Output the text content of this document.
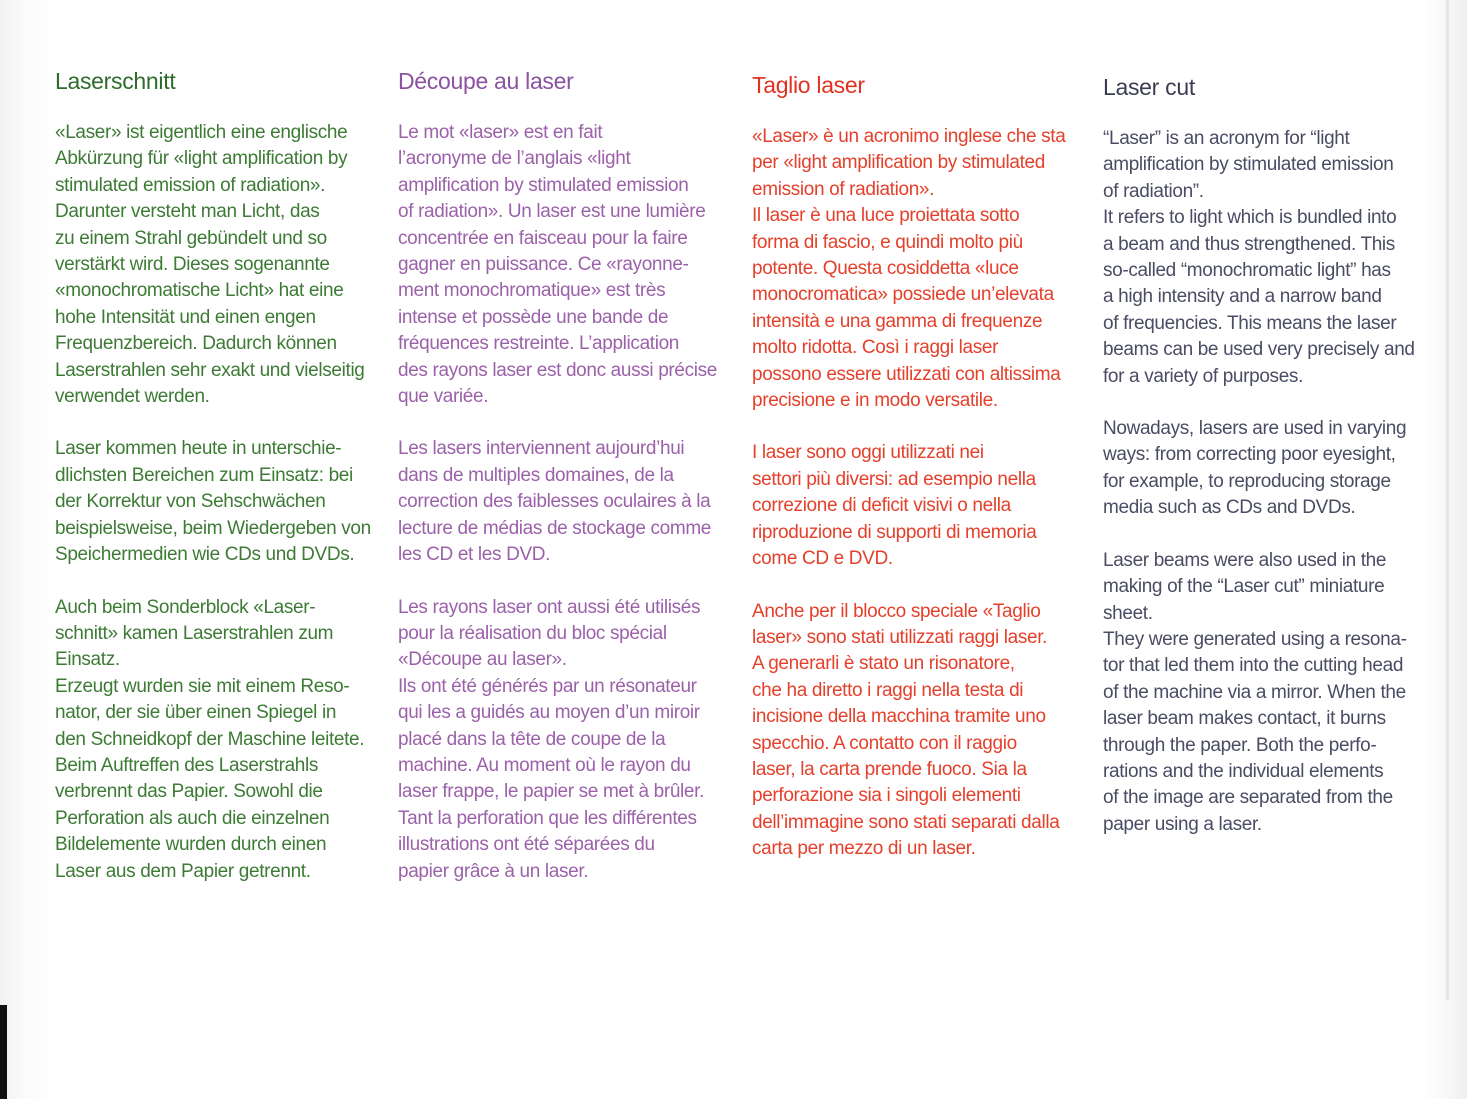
Laserschnitt

«Laser» ist eigentlich eine englische
Abkürzung für «light amplification by
stimulated emission of radiation».
Darunter versteht man Licht, das
zu einem Strahl gebündelt und so
verstärkt wird. Dieses sogenannte
«monochromatische Licht» hat eine
hohe Intensität und einen engen
Frequenzbereich. Dadurch können
Laserstrahlen sehr exakt und vielseitig
verwendet werden.

Laser kommen heute in unterschie-
dlichsten Bereichen zum Einsatz: bei
der Korrektur von Sehschwächen
beispielsweise, beim Wiedergeben von
Speichermedien wie CDs und DVDs.

Auch beim Sonderblock «Laser-
schnitt» kamen Laserstrahlen zum
Einsatz.
Erzeugt wurden sie mit einem Reso-
nator, der sie über einen Spiegel in
den Schneidkopf der Maschine leitete.
Beim Auftreffen des Laserstrahls
verbrennt das Papier. Sowohl die
Perforation als auch die einzelnen
Bildelemente wurden durch einen
Laser aus dem Papier getrennt.

Découpe au laser

Le mot «laser» est en fait
l’acronyme de l’anglais «light
amplification by stimulated emission
of radiation». Un laser est une lumière
concentrée en faisceau pour la faire
gagner en puissance. Ce «rayonne-
ment monochromatique» est très
intense et possède une bande de
fréquences restreinte. L’application
des rayons laser est donc aussi précise
que variée.

Les lasers interviennent aujourd’hui
dans de multiples domaines, de la
correction des faiblesses oculaires à la
lecture de médias de stockage comme
les CD et les DVD.

Les rayons laser ont aussi été utilisés
pour la réalisation du bloc spécial
«Découpe au laser».
Ils ont été générés par un résonateur
qui les a guidés au moyen d’un miroir
placé dans la tête de coupe de la
machine. Au moment où le rayon du
laser frappe, le papier se met à brûler.
Tant la perforation que les différentes
illustrations ont été séparées du
papier grâce à un laser.

Taglio laser

«Laser» è un acronimo inglese che sta
per «light amplification by stimulated
emission of radiation».
Il laser è una luce proiettata sotto
forma di fascio, e quindi molto più
potente. Questa cosiddetta «luce
monocromatica» possiede un’elevata
intensità e una gamma di frequenze
molto ridotta. Così i raggi laser
possono essere utilizzati con altissima
precisione e in modo versatile.

I laser sono oggi utilizzati nei
settori più diversi: ad esempio nella
correzione di deficit visivi o nella
riproduzione di supporti di memoria
come CD e DVD.

Anche per il blocco speciale «Taglio
laser» sono stati utilizzati raggi laser.
A generarli è stato un risonatore,
che ha diretto i raggi nella testa di
incisione della macchina tramite uno
specchio. A contatto con il raggio
laser, la carta prende fuoco. Sia la
perforazione sia i singoli elementi
dell’immagine sono stati separati dalla
carta per mezzo di un laser.

Laser cut

“Laser” is an acronym for “light
amplification by stimulated emission
of radiation”.
It refers to light which is bundled into
a beam and thus strengthened. This
so-called “monochromatic light” has
a high intensity and a narrow band
of frequencies. This means the laser
beams can be used very precisely and
for a variety of purposes.

Nowadays, lasers are used in varying
ways: from correcting poor eyesight,
for example, to reproducing storage
media such as CDs and DVDs.

Laser beams were also used in the
making of the “Laser cut” miniature
sheet.
They were generated using a resona-
tor that led them into the cutting head
of the machine via a mirror. When the
laser beam makes contact, it burns
through the paper. Both the perfo-
rations and the individual elements
of the image are separated from the
paper using a laser.
